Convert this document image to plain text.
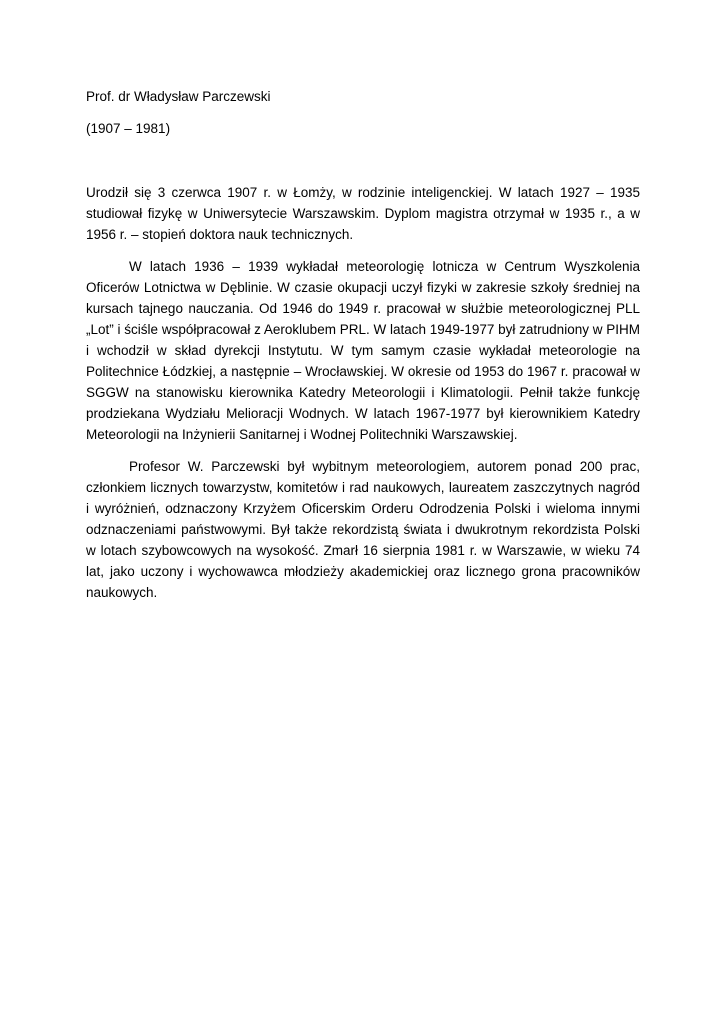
Prof. dr Władysław Parczewski

(1907 – 1981)

Urodził się 3 czerwca 1907 r. w Łomży, w rodzinie inteligenckiej. W latach 1927 – 1935 studiował fizykę w Uniwersytecie Warszawskim. Dyplom magistra otrzymał w 1935 r., a w 1956 r. – stopień doktora nauk technicznych.

W latach 1936 – 1939 wykładał meteorologię lotnicza w Centrum Wyszkolenia Oficerów Lotnictwa w Dęblinie. W czasie okupacji uczył fizyki w zakresie szkoły średniej na kursach tajnego nauczania. Od 1946 do 1949 r. pracował w służbie meteorologicznej PLL „Lot” i ściśle współpracował z Aeroklubem PRL. W latach 1949-1977 był zatrudniony w PIHM i wchodził w skład dyrekcji Instytutu. W tym samym czasie wykładał meteorologie na Politechnice Łódzkiej, a następnie – Wrocławskiej. W okresie od 1953 do 1967 r. pracował w SGGW na stanowisku kierownika Katedry Meteorologii i Klimatologii. Pełnił także funkcję prodziekana Wydziału Melioracji Wodnych. W latach 1967-1977 był kierownikiem Katedry Meteorologii na Inżynierii Sanitarnej i Wodnej Politechniki Warszawskiej.

Profesor W. Parczewski był wybitnym meteorologiem, autorem ponad 200 prac, członkiem licznych towarzystw, komitetów i rad naukowych, laureatem zaszczytnych nagród i wyróżnień, odznaczony Krzyżem Oficerskim Orderu Odrodzenia Polski i wieloma innymi odznaczeniami państwowymi. Był także rekordzistą świata i dwukrotnym rekordzista Polski w lotach szybowcowych na wysokość. Zmarł 16 sierpnia 1981 r. w Warszawie, w wieku 74 lat, jako uczony i wychowawca młodzieży akademickiej oraz licznego grona pracowników naukowych.
